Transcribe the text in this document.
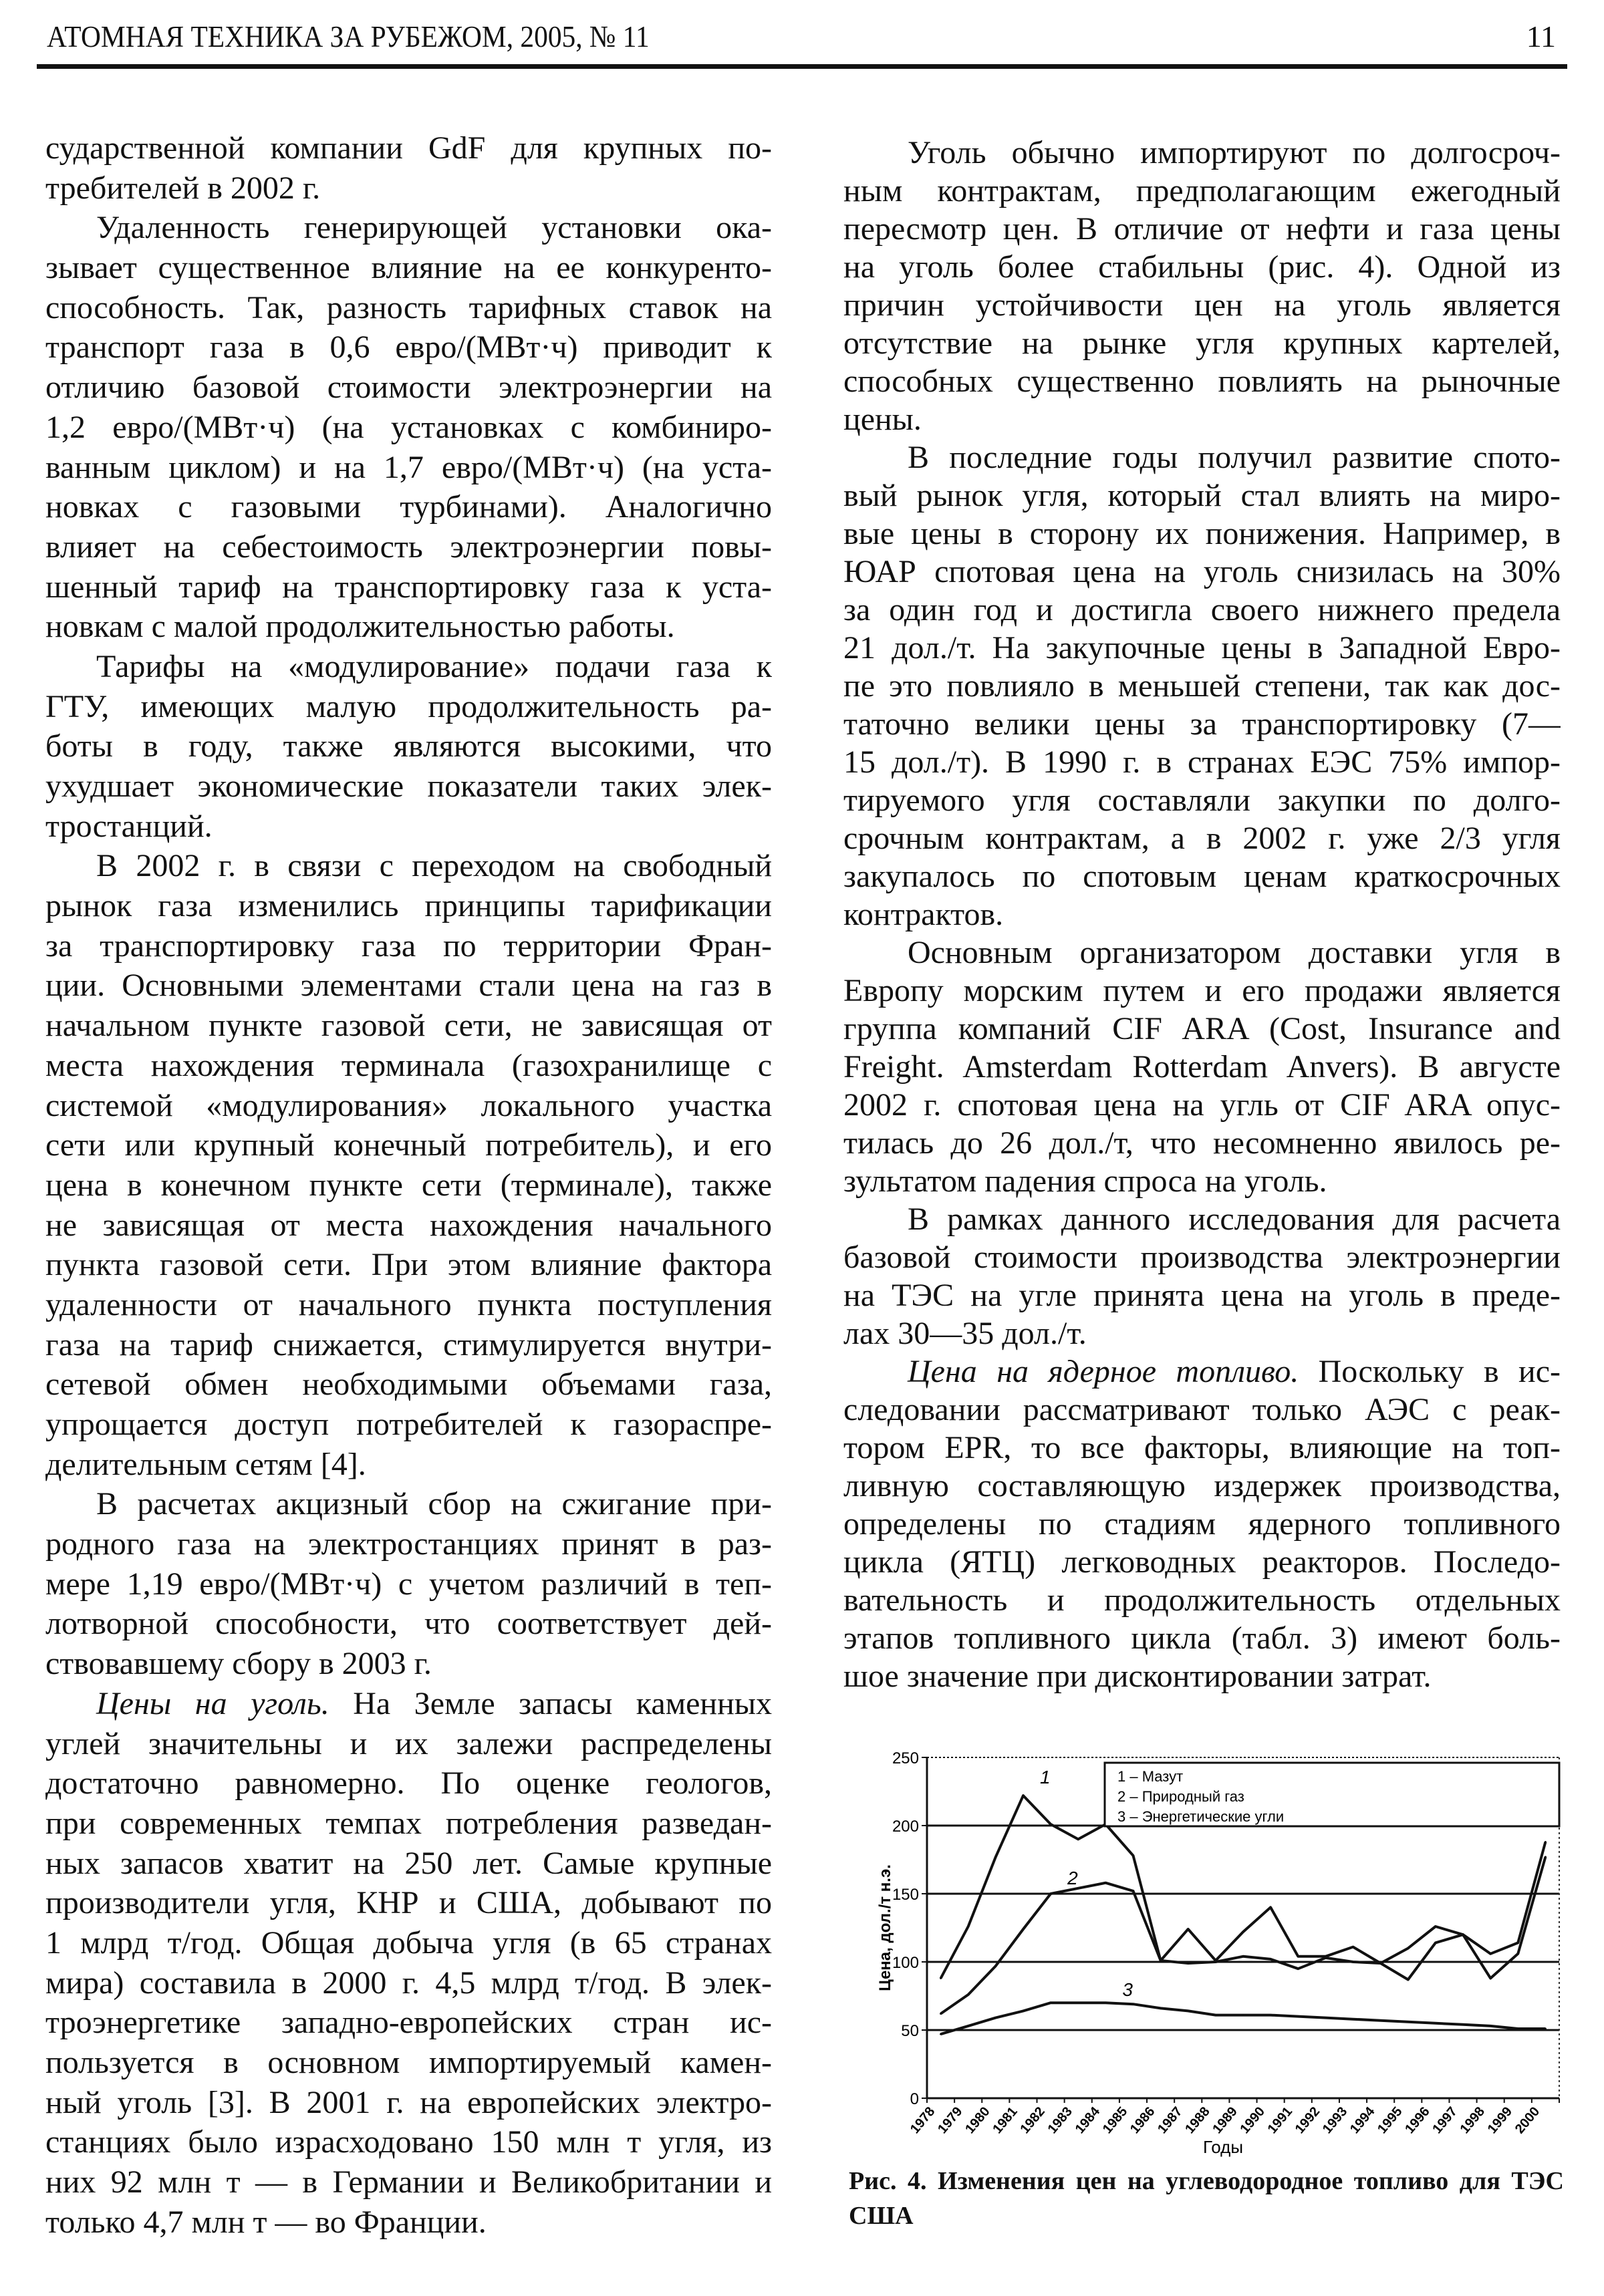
АТОМНАЯ ТЕХНИКА ЗА РУБЕЖОМ, 2005, № 11	11
сударственной компании GdF для крупных по-
требителей в 2002 г.
Удаленность генерирующей установки ока-
зывает существенное влияние на ее конкуренто-
способность. Так, разность тарифных ставок на
транспорт газа в 0,6 евро/(МВт·ч) приводит к
отличию базовой стоимости электроэнергии на
1,2 евро/(МВт·ч) (на установках с комбиниро-
ванным циклом) и на 1,7 евро/(МВт·ч) (на уста-
новках с газовыми турбинами). Аналогично
влияет на себестоимость электроэнергии повы-
шенный тариф на транспортировку газа к уста-
новкам с малой продолжительностью работы.
Тарифы на «модулирование» подачи газа к
ГТУ, имеющих малую продолжительность ра-
боты в году, также являются высокими, что
ухудшает экономические показатели таких элек-
тростанций.
В 2002 г. в связи с переходом на свободный
рынок газа изменились принципы тарификации
за транспортировку газа по территории Фран-
ции. Основными элементами стали цена на газ в
начальном пункте газовой сети, не зависящая от
места нахождения терминала (газохранилище с
системой «модулирования» локального участка
сети или крупный конечный потребитель), и его
цена в конечном пункте сети (терминале), также
не зависящая от места нахождения начального
пункта газовой сети. При этом влияние фактора
удаленности от начального пункта поступления
газа на тариф снижается, стимулируется внутри-
сетевой обмен необходимыми объемами газа,
упрощается доступ потребителей к газораспре-
делительным сетям [4].
В расчетах акцизный сбор на сжигание при-
родного газа на электростанциях принят в раз-
мере 1,19 евро/(МВт·ч) с учетом различий в теп-
лотворной способности, что соответствует дей-
ствовавшему сбору в 2003 г.
Цены на уголь. На Земле запасы каменных
углей значительны и их залежи распределены
достаточно равномерно. По оценке геологов,
при современных темпах потребления разведан-
ных запасов хватит на 250 лет. Самые крупные
производители угля, КНР и США, добывают по
1 млрд т/год. Общая добыча угля (в 65 странах
мира) составила в 2000 г. 4,5 млрд т/год. В элек-
троэнергетике западно-европейских стран ис-
пользуется в основном импортируемый камен-
ный уголь [3]. В 2001 г. на европейских электро-
станциях было израсходовано 150 млн т угля, из
них 92 млн т — в Германии и Великобритании и
только 4,7 млн т — во Франции.
Уголь обычно импортируют по долгосроч-
ным контрактам, предполагающим ежегодный
пересмотр цен. В отличие от нефти и газа цены
на уголь более стабильны (рис. 4). Одной из
причин устойчивости цен на уголь является
отсутствие на рынке угля крупных картелей,
способных существенно повлиять на рыночные
цены.
В последние годы получил развитие спото-
вый рынок угля, который стал влиять на миро-
вые цены в сторону их понижения. Например, в
ЮАР спотовая цена на уголь снизилась на 30%
за один год и достигла своего нижнего предела
21 дол./т. На закупочные цены в Западной Евро-
пе это повлияло в меньшей степени, так как дос-
таточно велики цены за транспортировку (7—
15 дол./т). В 1990 г. в странах ЕЭС 75% импор-
тируемого угля составляли закупки по долго-
срочным контрактам, а в 2002 г. уже 2/3 угля
закупалось по спотовым ценам краткосрочных
контрактов.
Основным организатором доставки угля в
Европу морским путем и его продажи является
группа компаний CIF ARA (Cost, Insurance and
Freight. Amsterdam Rotterdam Anvers). В августе
2002 г. спотовая цена на угль от CIF ARA опус-
тилась до 26 дол./т, что несомненно явилось ре-
зультатом падения спроса на уголь.
В рамках данного исследования для расчета
базовой стоимости производства электроэнергии
на ТЭС на угле принята цена на уголь в преде-
лах 30—35 дол./т.
Цена на ядерное топливо. Поскольку в ис-
следовании рассматривают только АЭС с реак-
тором EPR, то все факторы, влияющие на топ-
ливную составляющую издержек производства,
определены по стадиям ядерного топливного
цикла (ЯТЦ) легководных реакторов. Последо-
вательность и продолжительность отдельных
этапов топливного цикла (табл. 3) имеют боль-
шое значение при дисконтировании затрат.
0
50
100
150
200
250
1978
1979
1980
1981
1982
1983
1984
1985
1986
1987
1988
1989
1990
1991
1992
1993
1994
1995
1996
1997
1998
1999
2000
Годы
Цена, дол./т н.э.
1
2
3
1 – Мазут
2 – Природный газ
3 – Энергетические угли
Рис. 4. Изменения цен на углеводородное топливо для ТЭС США
